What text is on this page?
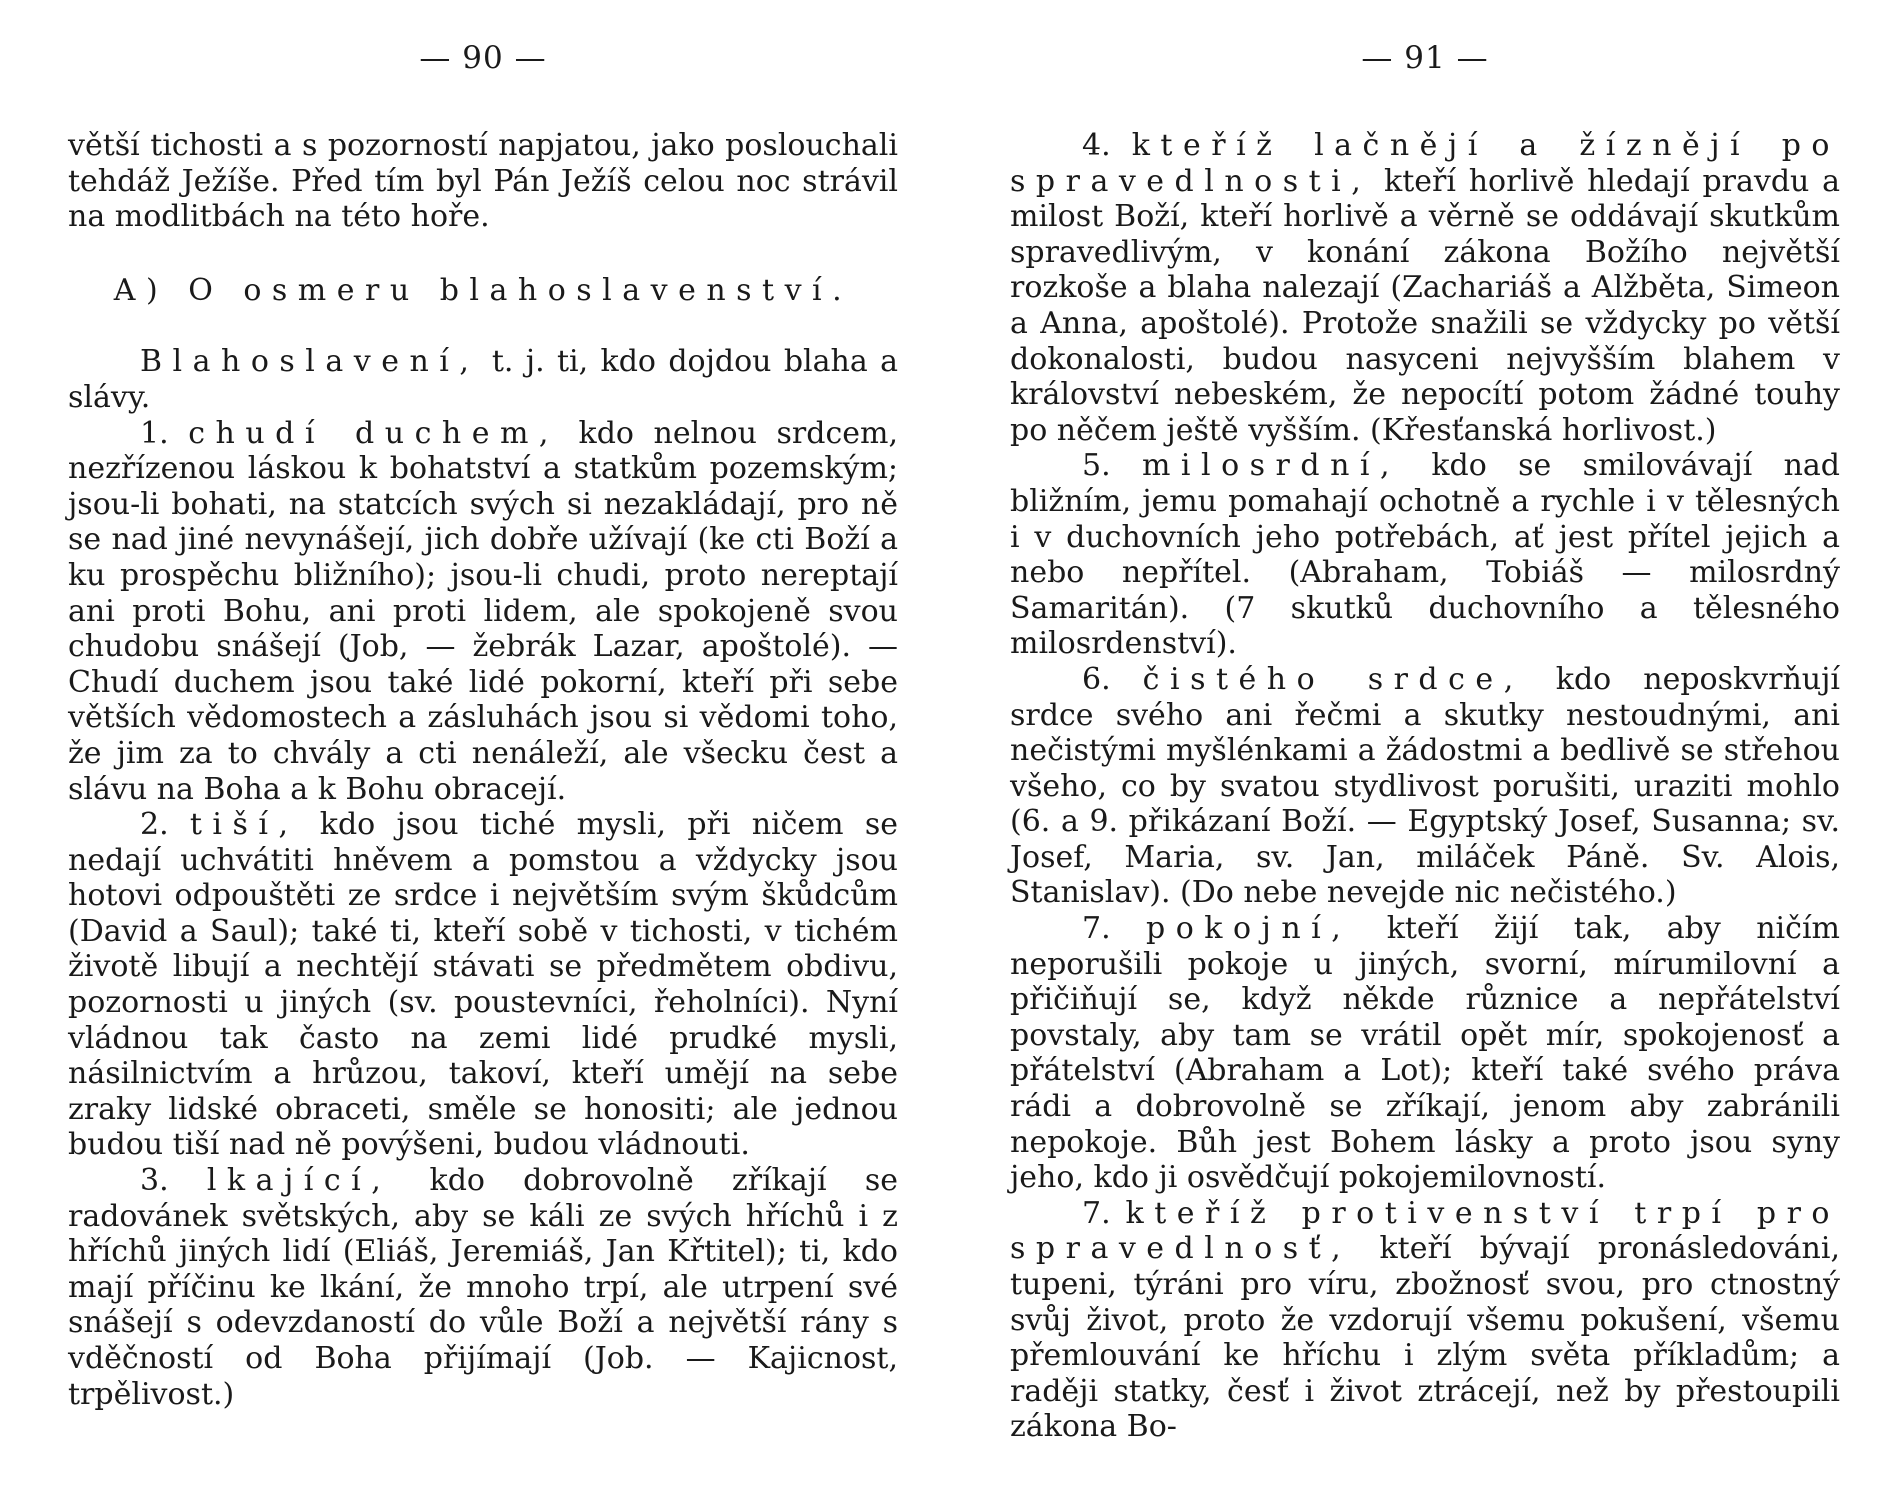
— 90 —

větší tichosti a s pozorností napjatou, jako poslouchali tehdáž Ježíše. Před tím byl Pán Ježíš celou noc strávil na modlitbách na této hoře.

A) O osmeru blahoslavenství.

Blahoslavení, t. j. ti, kdo dojdou blaha a slávy.

1. chudí duchem, kdo nelnou srdcem, nezřízenou láskou k bohatství a statkům pozemským; jsou-li bohati, na statcích svých si nezakládají, pro ně se nad jiné nevynášejí, jich dobře užívají (ke cti Boží a ku prospěchu bližního); jsou-li chudi, proto nereptají ani proti Bohu, ani proti lidem, ale spokojeně svou chudobu snášejí (Job, — žebrák Lazar, apoštolé). — Chudí duchem jsou také lidé pokorní, kteří při sebe větších vědomostech a zásluhách jsou si vědomi toho, že jim za to chvály a cti nenáleží, ale všecku čest a slávu na Boha a k Bohu obracejí.

2. tiší, kdo jsou tiché mysli, při ničem se nedají uchvátiti hněvem a pomstou a vždycky jsou hotovi odpouštěti ze srdce i největším svým škůdcům (David a Saul); také ti, kteří sobě v tichosti, v tichém životě libují a nechtějí stávati se předmětem obdivu, pozornosti u jiných (sv. poustevníci, řeholníci). Nyní vládnou tak často na zemi lidé prudké mysli, násilnictvím a hrůzou, takoví, kteří umějí na sebe zraky lidské obraceti, směle se honositi; ale jednou budou tiší nad ně povýšeni, budou vládnouti.

3. lkající, kdo dobrovolně zříkají se radovánek světských, aby se káli ze svých hříchů i z hříchů jiných lidí (Eliáš, Jeremiáš, Jan Křtitel); ti, kdo mají příčinu ke lkání, že mnoho trpí, ale utrpení své snášejí s odevzdaností do vůle Boží a největší rány s vděčností od Boha přijímají (Job. — Kajicnost, trpělivost.)

— 91 —

4. kteříž lačnějí a žíznějí po spravedlnosti, kteří horlivě hledají pravdu a milost Boží, kteří horlivě a věrně se oddávají skutkům spravedlivým, v konání zákona Božího největší rozkoše a blaha nalezají (Zachariáš a Alžběta, Simeon a Anna, apoštolé). Protože snažili se vždycky po větší dokonalosti, budou nasyceni nejvyšším blahem v království nebeském, že nepocítí potom žádné touhy po něčem ještě vyšším. (Křesťanská horlivost.)

5. milosrdní, kdo se smilovávají nad bližním, jemu pomahají ochotně a rychle i v tělesných i v duchovních jeho potřebách, ať jest přítel jejich a nebo nepřítel. (Abraham, Tobiáš — milosrdný Samaritán). (7 skutků duchovního a tělesného milosrdenství).

6. čistého srdce, kdo neposkvrňují srdce svého ani řečmi a skutky nestoudnými, ani nečistými myšlénkami a žádostmi a bedlivě se střehou všeho, co by svatou stydlivost porušiti, uraziti mohlo (6. a 9. přikázaní Boží. — Egyptský Josef, Susanna; sv. Josef, Maria, sv. Jan, miláček Páně. Sv. Alois, Stanislav). (Do nebe nevejde nic nečistého.)

7. pokojní, kteří žijí tak, aby ničím neporušili pokoje u jiných, svorní, mírumilovní a přičiňují se, když někde různice a nepřátelství povstaly, aby tam se vrátil opět mír, spokojenosť a přátelství (Abraham a Lot); kteří také svého práva rádi a dobrovolně se zříkají, jenom aby zabránili nepokoje. Bůh jest Bohem lásky a proto jsou syny jeho, kdo ji osvědčují pokojemilovností.

7. kteříž protivenství trpí pro spravedlnosť, kteří bývají pronásledováni, tupeni, týráni pro víru, zbožnosť svou, pro ctnostný svůj život, proto že vzdorují všemu pokušení, všemu přemlouvání ke hříchu i zlým světa příkladům; a raději statky, česť i život ztrácejí, než by přestoupili zákona Bo-
